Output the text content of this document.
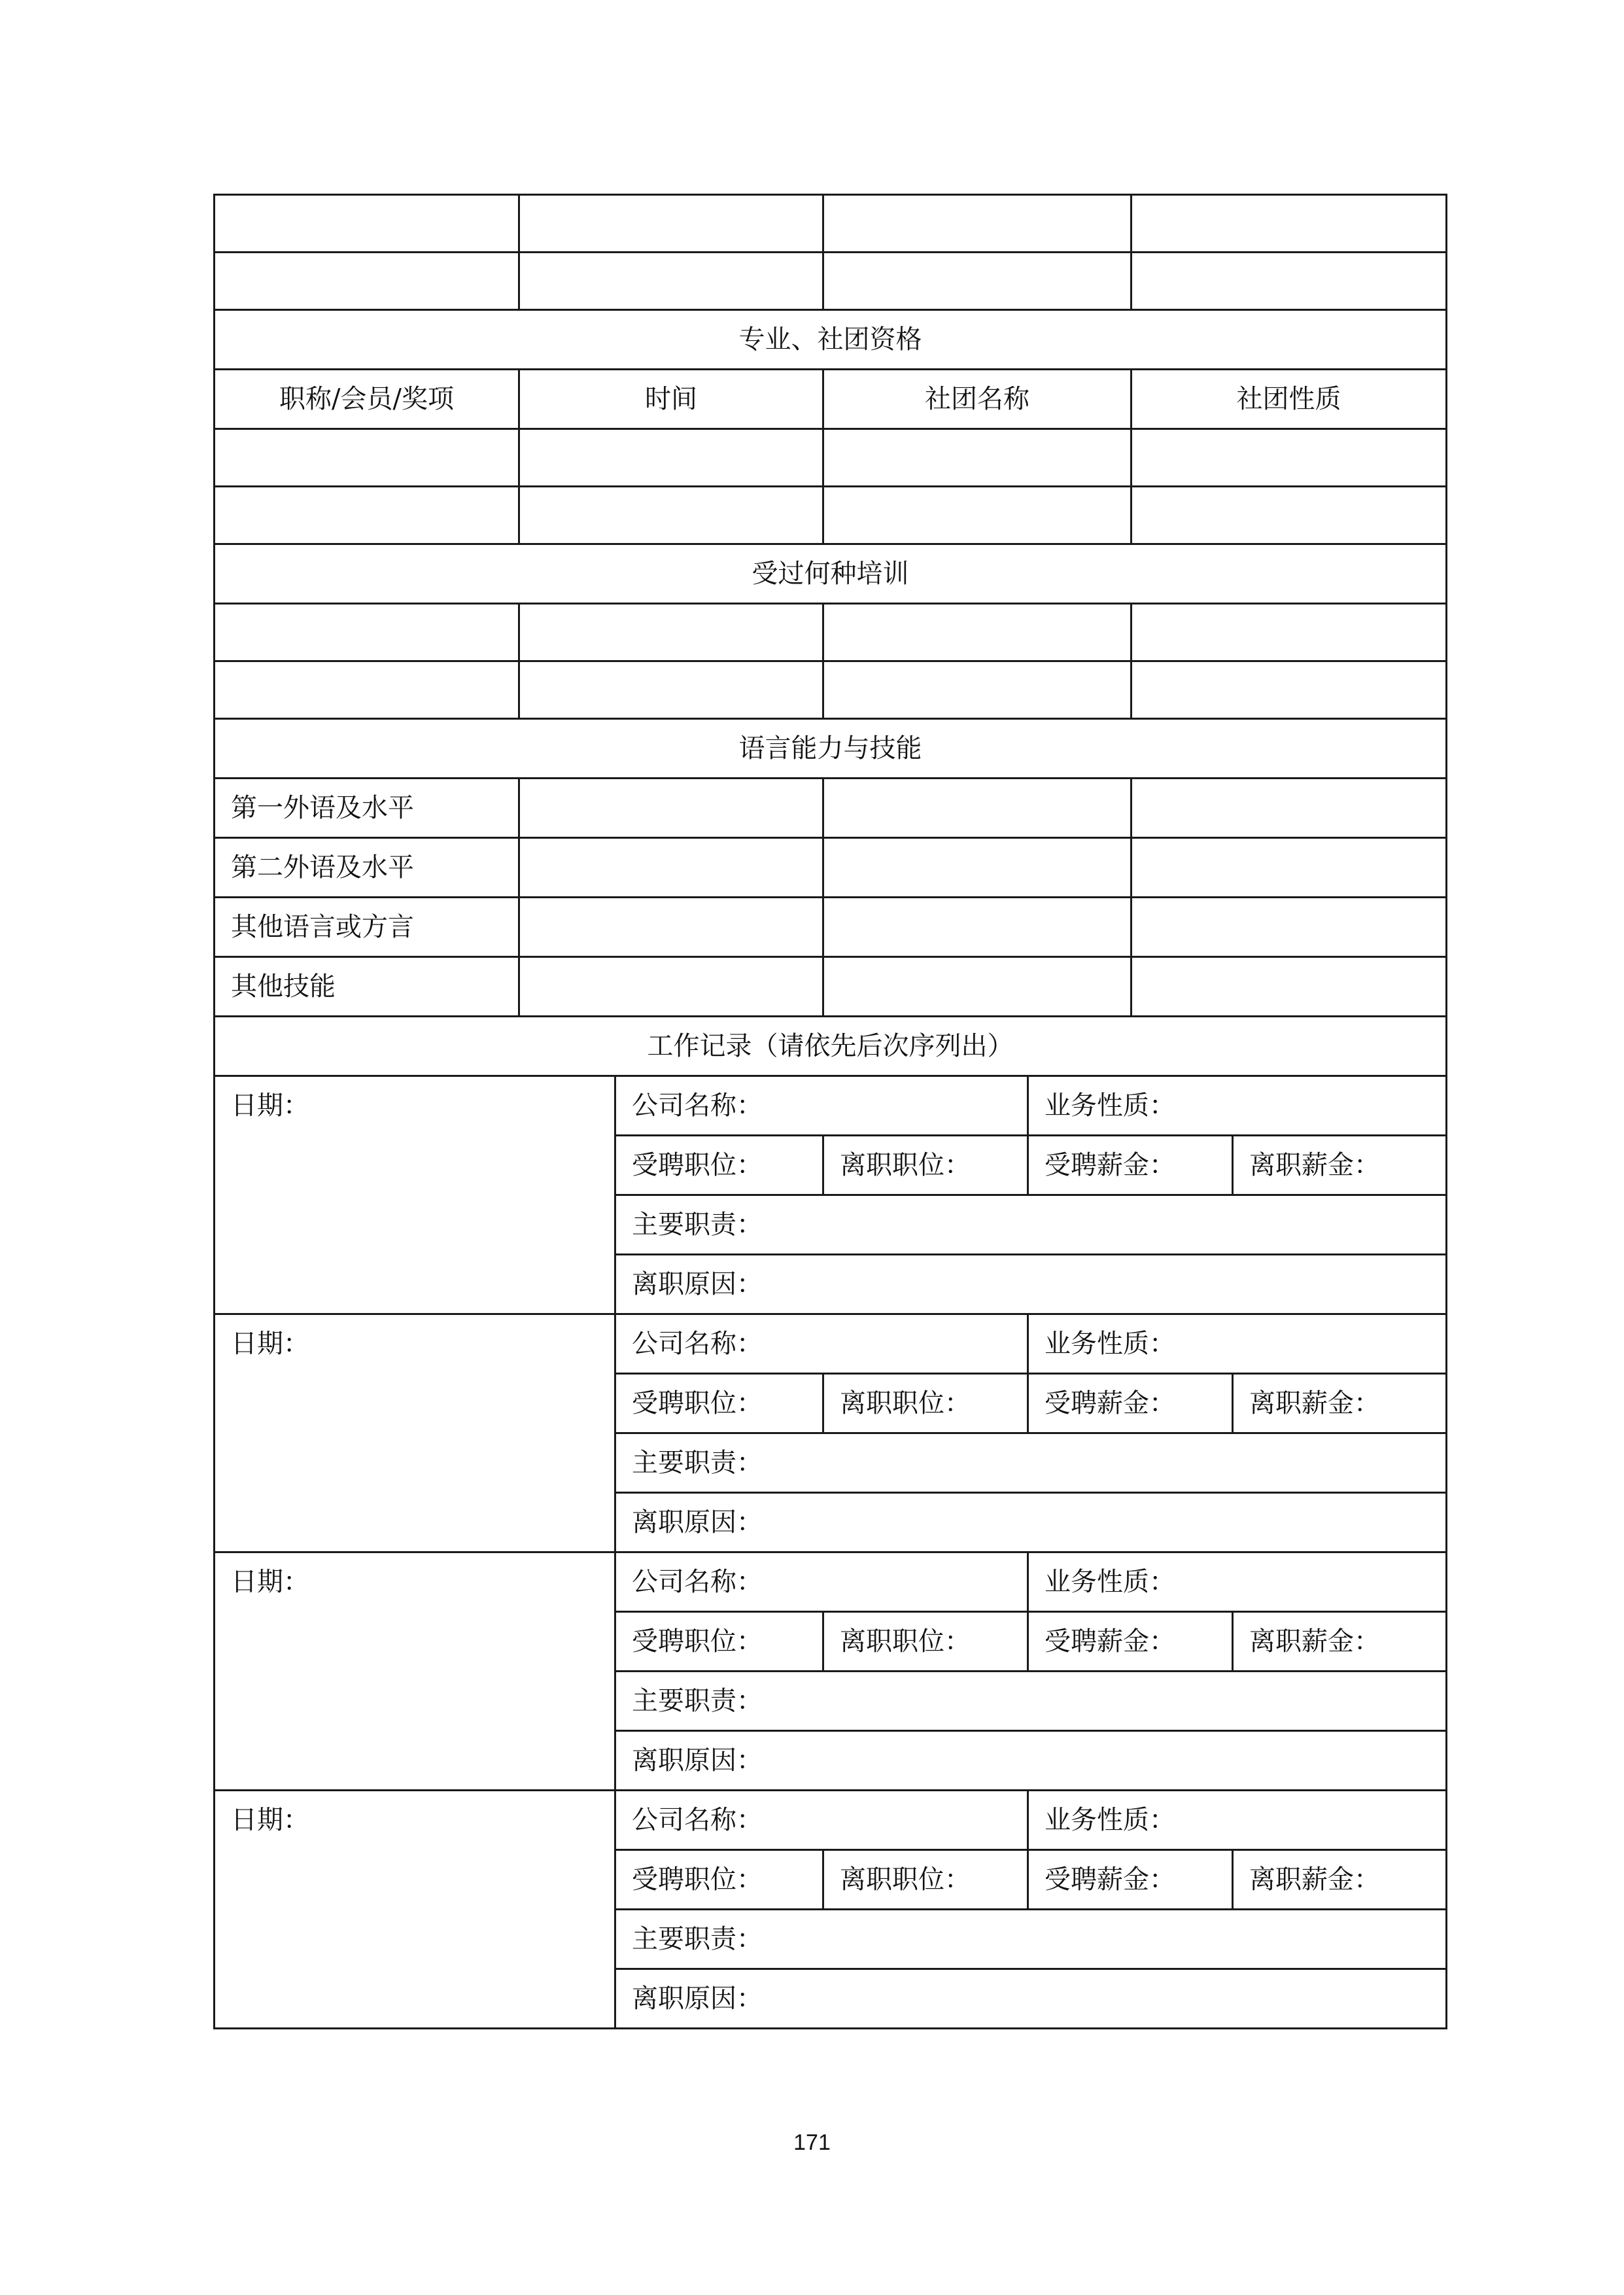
专业、社团资格						
职称/会员/奖项	时间		社团名称		社团性质	

受过何种培训						

语言能力与技能						
第一外语及水平						
第二外语及水平						
其他语言或方言						
其他技能						
工作记录（请依先后次序列出）						
日期：		公司名称：		业务性质：		
		受聘职位：	离职职位：	受聘薪金：		离职薪金：
		主要职责：				
		离职原因：				
日期：		公司名称：		业务性质：		
		受聘职位：	离职职位：	受聘薪金：		离职薪金：
		主要职责：				
		离职原因：				
日期：		公司名称：		业务性质：		
		受聘职位：	离职职位：	受聘薪金：		离职薪金：
		主要职责：				
		离职原因：				
日期：		公司名称：		业务性质：		
		受聘职位：	离职职位：	受聘薪金：		离职薪金：
		主要职责：				
		离职原因：				
171
